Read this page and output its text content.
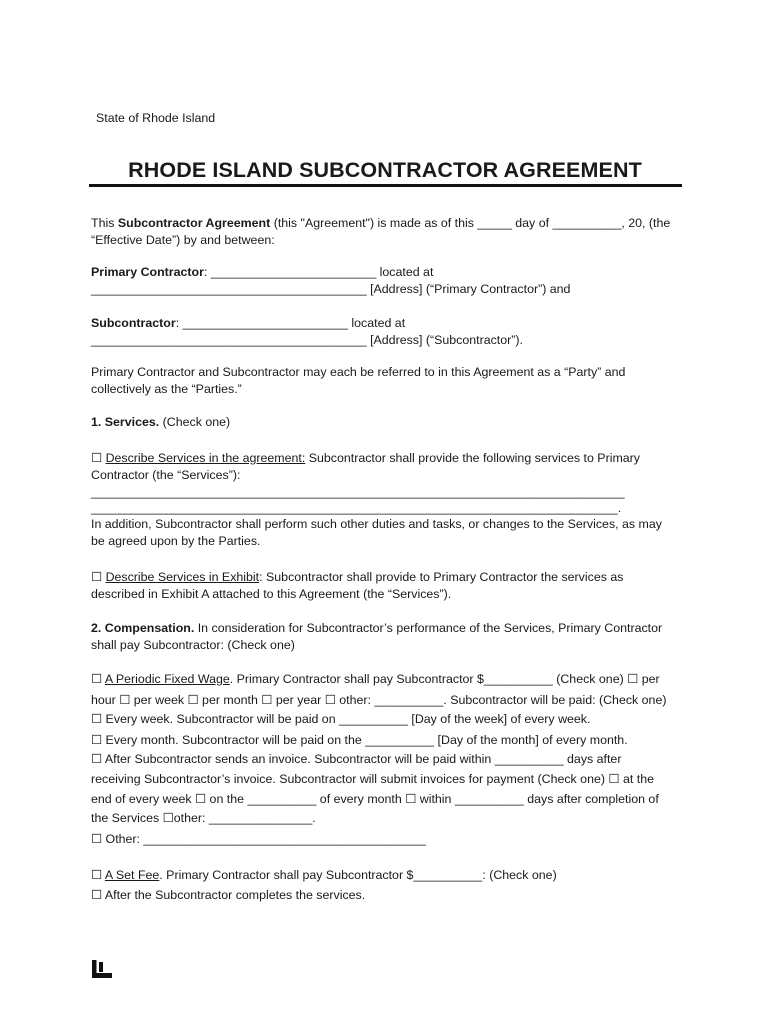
State of Rhode Island
RHODE ISLAND SUBCONTRACTOR AGREEMENT
This Subcontractor Agreement (this "Agreement") is made as of this _____ day of __________, 20, (the
“Effective Date”) by and between:
Primary Contractor: ________________________ located at
________________________________________ [Address] (“Primary Contractor”) and
Subcontractor: ________________________ located at
________________________________________ [Address] (“Subcontractor”).
Primary Contractor and Subcontractor may each be referred to in this Agreement as a “Party” and
collectively as the “Parties.”
1. Services. (Check one)
☐ Describe Services in the agreement: Subcontractor shall provide the following services to Primary
Contractor (the “Services”):
______________________________________________________________________________
_____________________________________________________________________________.
In addition, Subcontractor shall perform such other duties and tasks, or changes to the Services, as may
be agreed upon by the Parties.
☐ Describe Services in Exhibit: Subcontractor shall provide to Primary Contractor the services as
described in Exhibit A attached to this Agreement (the “Services”).
2. Compensation. In consideration for Subcontractor’s performance of the Services, Primary Contractor
shall pay Subcontractor: (Check one)
☐ A Periodic Fixed Wage. Primary Contractor shall pay Subcontractor $__________ (Check one) ☐ per
hour ☐ per week ☐ per month ☐ per year ☐ other: __________. Subcontractor will be paid: (Check one)
☐ Every week. Subcontractor will be paid on __________ [Day of the week] of every week.
☐ Every month. Subcontractor will be paid on the __________ [Day of the month] of every month.
☐ After Subcontractor sends an invoice. Subcontractor will be paid within __________ days after
receiving Subcontractor’s invoice. Subcontractor will submit invoices for payment (Check one) ☐ at the
end of every week ☐ on the __________ of every month ☐ within __________ days after completion of
the Services ☐other: _______________.
☐ Other: _________________________________________
☐ A Set Fee. Primary Contractor shall pay Subcontractor $__________: (Check one)
☐ After the Subcontractor completes the services.
